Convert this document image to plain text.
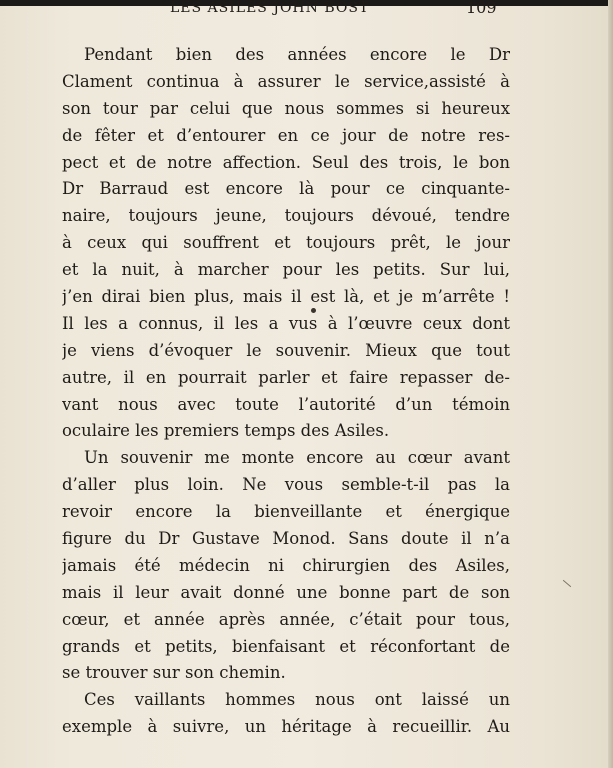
LES ASILES JOHN BOST	109
Pendant bien des années encore le Dr
Clament continua à assurer le service,assisté à
son tour par celui que nous sommes si heureux
de fêter et d’entourer en ce jour de notre res-
pect et de notre affection. Seul des trois, le bon
Dr Barraud est encore là pour ce cinquante-
naire, toujours jeune, toujours dévoué, tendre
à ceux qui souffrent et toujours prêt, le jour
et la nuit, à marcher pour les petits. Sur lui,
j’en dirai bien plus, mais il est là, et je m’arrête !
Il les a connus, il les a vus à l’œuvre ceux dont
je viens d’évoquer le souvenir. Mieux que tout
autre, il en pourrait parler et faire repasser de-
vant nous avec toute l’autorité d’un témoin
oculaire les premiers temps des Asiles.
Un souvenir me monte encore au cœur avant
d’aller plus loin. Ne vous semble-t-il pas la
revoir encore la bienveillante et énergique
figure du Dr Gustave Monod. Sans doute il n’a
jamais été médecin ni chirurgien des Asiles,
mais il leur avait donné une bonne part de son
cœur, et année après année, c’était pour tous,
grands et petits, bienfaisant et réconfortant de
se trouver sur son chemin.
Ces vaillants hommes nous ont laissé un
exemple à suivre, un héritage à recueillir. Au
